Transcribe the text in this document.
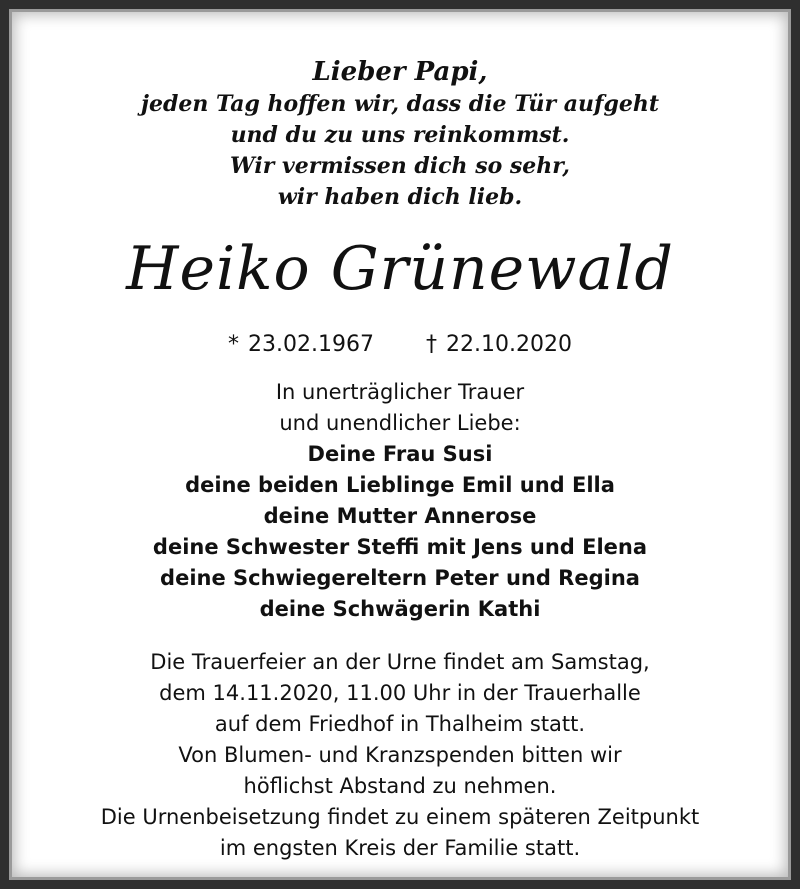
Lieber Papi,
jeden Tag hoffen wir, dass die Tür aufgeht
und du zu uns reinkommst.
Wir vermissen dich so sehr,
wir haben dich lieb.
Heiko Grünewald
* 23.02.1967 † 22.10.2020
In unerträglicher Trauer
und unendlicher Liebe:
Deine Frau Susi
deine beiden Lieblinge Emil und Ella
deine Mutter Annerose
deine Schwester Steffi mit Jens und Elena
deine Schwiegereltern Peter und Regina
deine Schwägerin Kathi
Die Trauerfeier an der Urne findet am Samstag,
dem 14.11.2020, 11.00 Uhr in der Trauerhalle
auf dem Friedhof in Thalheim statt.
Von Blumen- und Kranzspenden bitten wir
höflichst Abstand zu nehmen.
Die Urnenbeisetzung findet zu einem späteren Zeitpunkt
im engsten Kreis der Familie statt.
